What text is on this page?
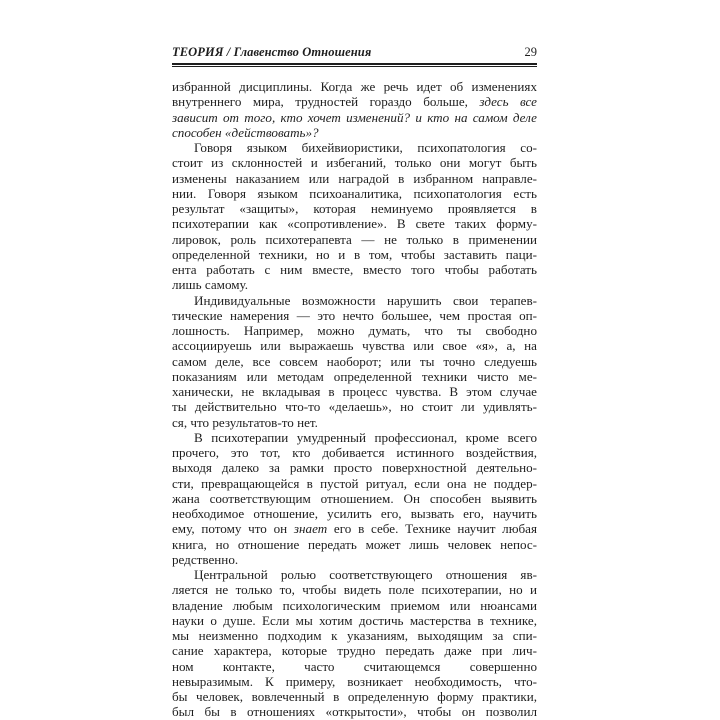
ТЕОРИЯ / Главенство Отношения	29
избранной дисциплины. Когда же речь идет об изменениях
внутреннего мира, трудностей гораздо больше, здесь все
зависит от того, кто хочет изменений? и кто на самом деле
способен «действовать»?
Говоря языком бихейвиористики, психопатология со-
стоит из склонностей и избеганий, только они могут быть
изменены наказанием или наградой в избранном направле-
нии. Говоря языком психоаналитика, психопатология есть
результат «защиты», которая неминуемо проявляется в
психотерапии как «сопротивление». В свете таких форму-
лировок, роль психотерапевта — не только в применении
определенной техники, но и в том, чтобы заставить паци-
ента работать с ним вместе, вместо того чтобы работать
лишь самому.
Индивидуальные возможности нарушить свои терапев-
тические намерения — это нечто большее, чем простая оп-
лошность. Например, можно думать, что ты свободно
ассоциируешь или выражаешь чувства или свое «я», а, на
самом деле, все совсем наоборот; или ты точно следуешь
показаниям или методам определенной техники чисто ме-
ханически, не вкладывая в процесс чувства. В этом случае
ты действительно что-то «делаешь», но стоит ли удивлять-
ся, что результатов-то нет.
В психотерапии умудренный профессионал, кроме всего
прочего, это тот, кто добивается истинного воздействия,
выходя далеко за рамки просто поверхностной деятельно-
сти, превращающейся в пустой ритуал, если она не поддер-
жана соответствующим отношением. Он способен выявить
необходимое отношение, усилить его, вызвать его, научить
ему, потому что он знает его в себе. Технике научит любая
книга, но отношение передать может лишь человек непос-
редственно.
Центральной ролью соответствующего отношения яв-
ляется не только то, чтобы видеть поле психотерапии, но и
владение любым психологическим приемом или нюансами
науки о душе. Если мы хотим достичь мастерства в технике,
мы неизменно подходим к указаниям, выходящим за спи-
сание характера, которые трудно передать даже при лич-
ном контакте, часто считающемся совершенно
невыразимым. К примеру, возникает необходимость, что-
бы человек, вовлеченный в определенную форму практики,
был бы в отношениях «открытости», чтобы он позволил
